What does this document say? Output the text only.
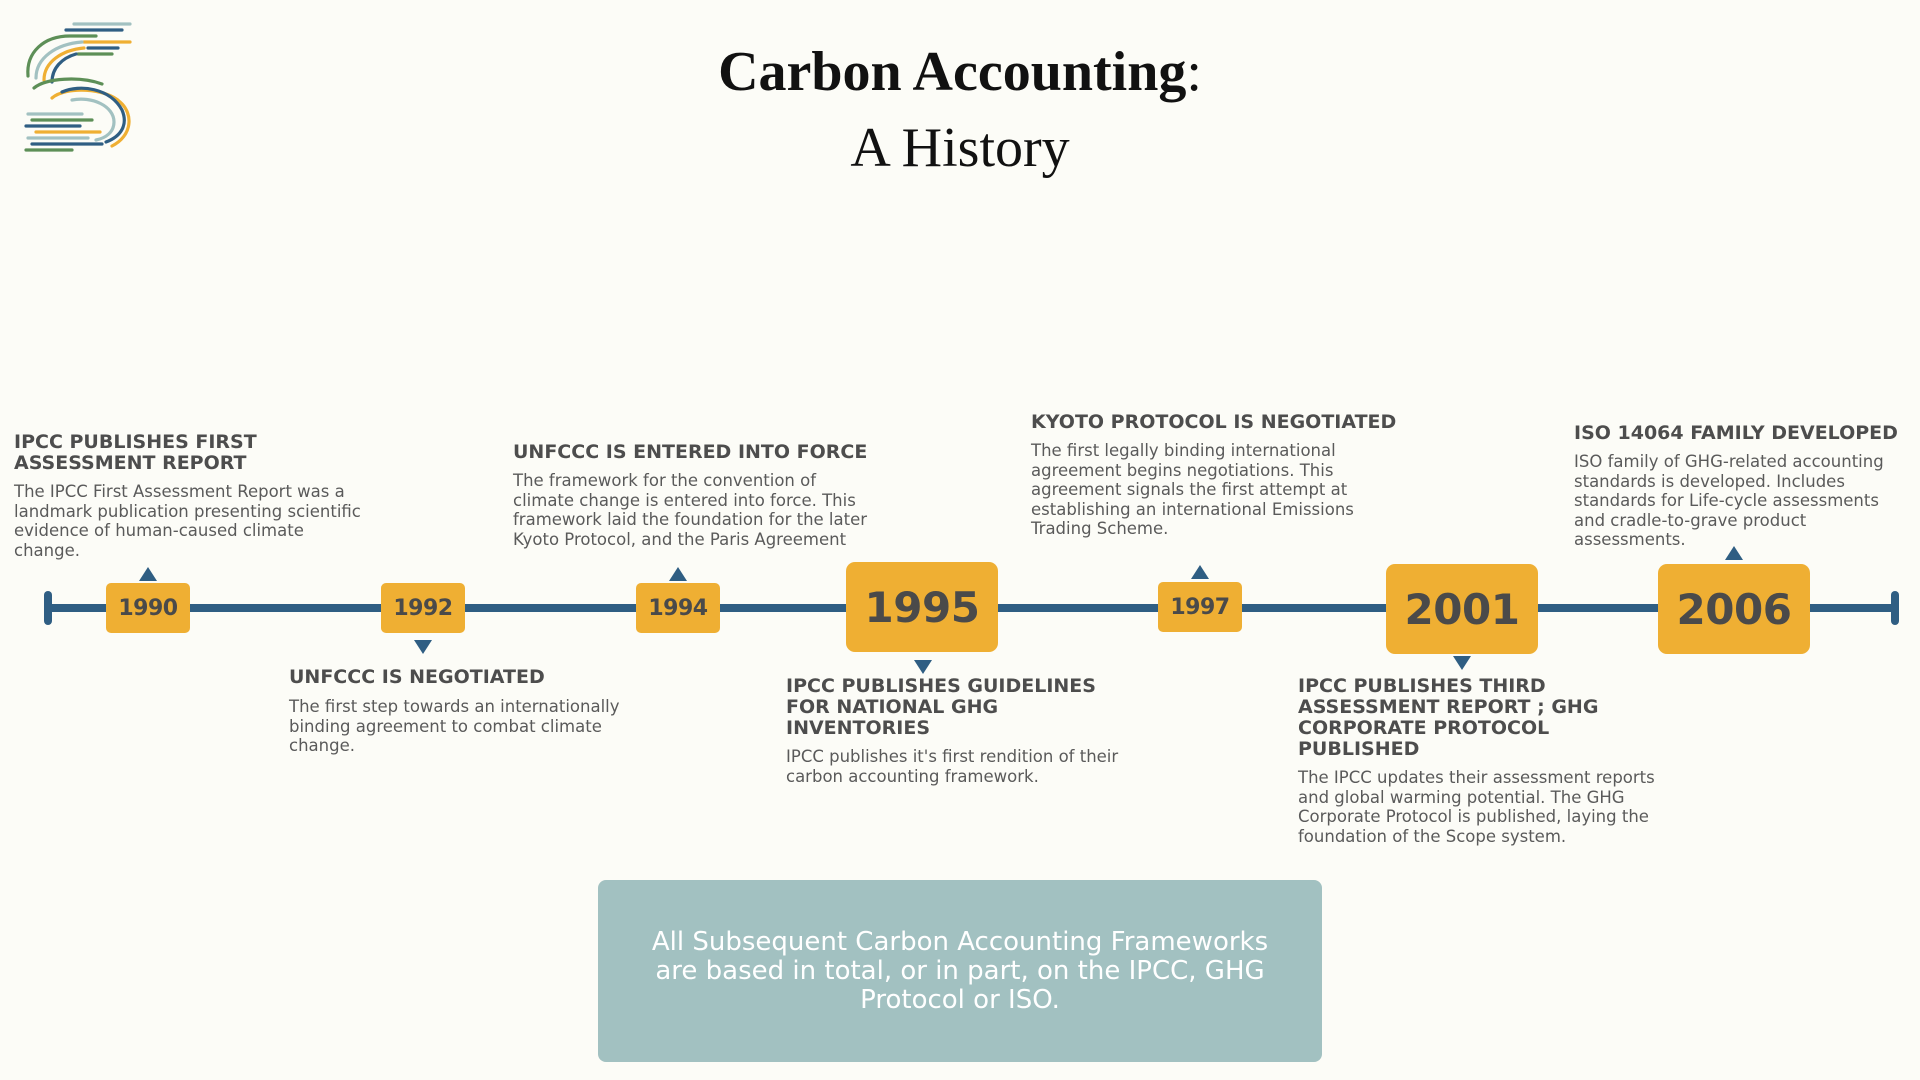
Carbon Accounting:
A History
1990
IPCC PUBLISHES FIRST ASSESSMENT REPORT
The IPCC First Assessment Report was a landmark publication presenting scientific evidence of human-caused climate change.
1992
UNFCCC IS NEGOTIATED
The first step towards an internationally binding agreement to combat climate change.
1994
UNFCCC IS ENTERED INTO FORCE
The framework for the convention of climate change is entered into force. This framework laid the foundation for the later Kyoto Protocol, and the Paris Agreement
1995
IPCC PUBLISHES GUIDELINES FOR NATIONAL GHG INVENTORIES
IPCC publishes it's first rendition of their carbon accounting framework.
1997
KYOTO PROTOCOL IS NEGOTIATED
The first legally binding international agreement begins negotiations. This agreement signals the first attempt at establishing an international Emissions Trading Scheme.
2001
IPCC PUBLISHES THIRD ASSESSMENT REPORT ; GHG CORPORATE PROTOCOL PUBLISHED
The IPCC updates their assessment reports and global warming potential. The GHG Corporate Protocol is published, laying the foundation of the Scope system.
2006
ISO 14064 FAMILY DEVELOPED
ISO family of GHG-related accounting standards is developed. Includes standards for Life-cycle assessments and cradle-to-grave product assessments.
All Subsequent Carbon Accounting Frameworks are based in total, or in part, on the IPCC, GHG Protocol or ISO.
